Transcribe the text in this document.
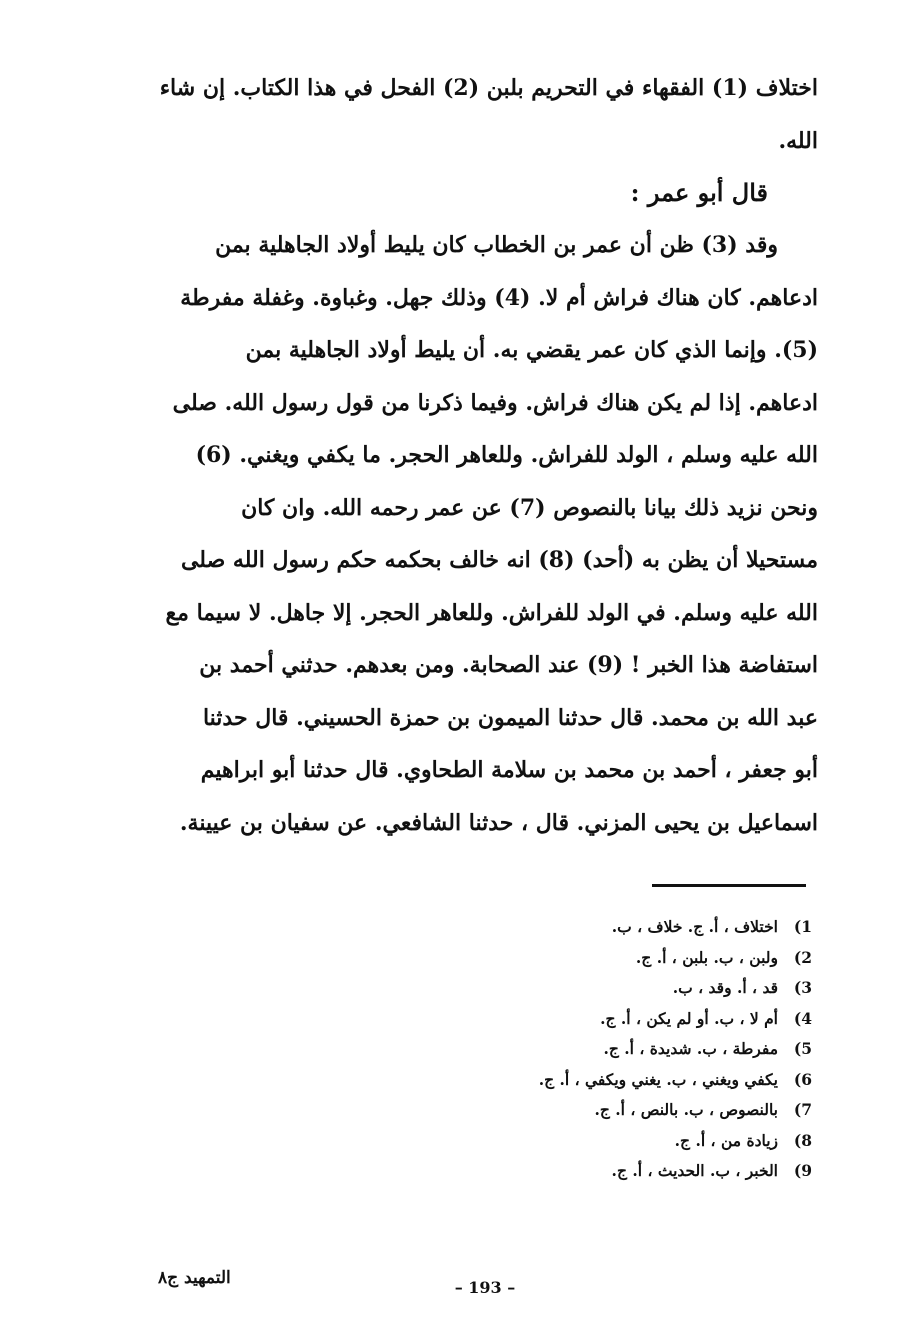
اختلاف (1) الفقهاء في التحريم بلبن (2) الفحل في هذا الكتاب. إن شاء
الله.
قال أبو عمر :
وقد (3) ظن أن عمر بن الخطاب كان يليط أولاد الجاهلية بمن
ادعاهم. كان هناك فراش أم لا. (4) وذلك جهل. وغباوة. وغفلة مفرطة
(5). وإنما الذي كان عمر يقضي به. أن يليط أولاد الجاهلية بمن
ادعاهم. إذا لم يكن هناك فراش. وفيما ذكرنا من قول رسول الله. صلى
الله عليه وسلم ، الولد للفراش. وللعاهر الحجر. ما يكفي ويغني. (6)
ونحن نزيد ذلك بيانا بالنصوص (7) عن عمر رحمه الله. وان كان
مستحيلا أن يظن به (أحد) (8) انه خالف بحكمه حكم رسول الله صلى
الله عليه وسلم. في الولد للفراش. وللعاهر الحجر. إلا جاهل. لا سيما مع
استفاضة هذا الخبر ! (9) عند الصحابة. ومن بعدهم. حدثني أحمد بن
عبد الله بن محمد. قال حدثنا الميمون بن حمزة الحسيني. قال حدثنا
أبو جعفر ، أحمد بن محمد بن سلامة الطحاوي. قال حدثنا أبو ابراهيم
اسماعيل بن يحيى المزني. قال ، حدثنا الشافعي. عن سفيان بن عيينة.
1)اختلاف ، أ. ج. خلاف ، ب.
2)ولبن ، ب. بلبن ، أ. ج.
3)قد ، أ. وقد ، ب.
4)أم لا ، ب. أو لم يكن ، أ. ج.
5)مفرطة ، ب. شديدة ، أ. ج.
6)يكفي ويغني ، ب. يغني ويكفي ، أ. ج.
7)بالنصوص ، ب. بالنص ، أ. ج.
8)زيادة من ، أ. ج.
9)الخبر ، ب. الحديث ، أ. ج.
التمهيد ج٨	– 193 –
